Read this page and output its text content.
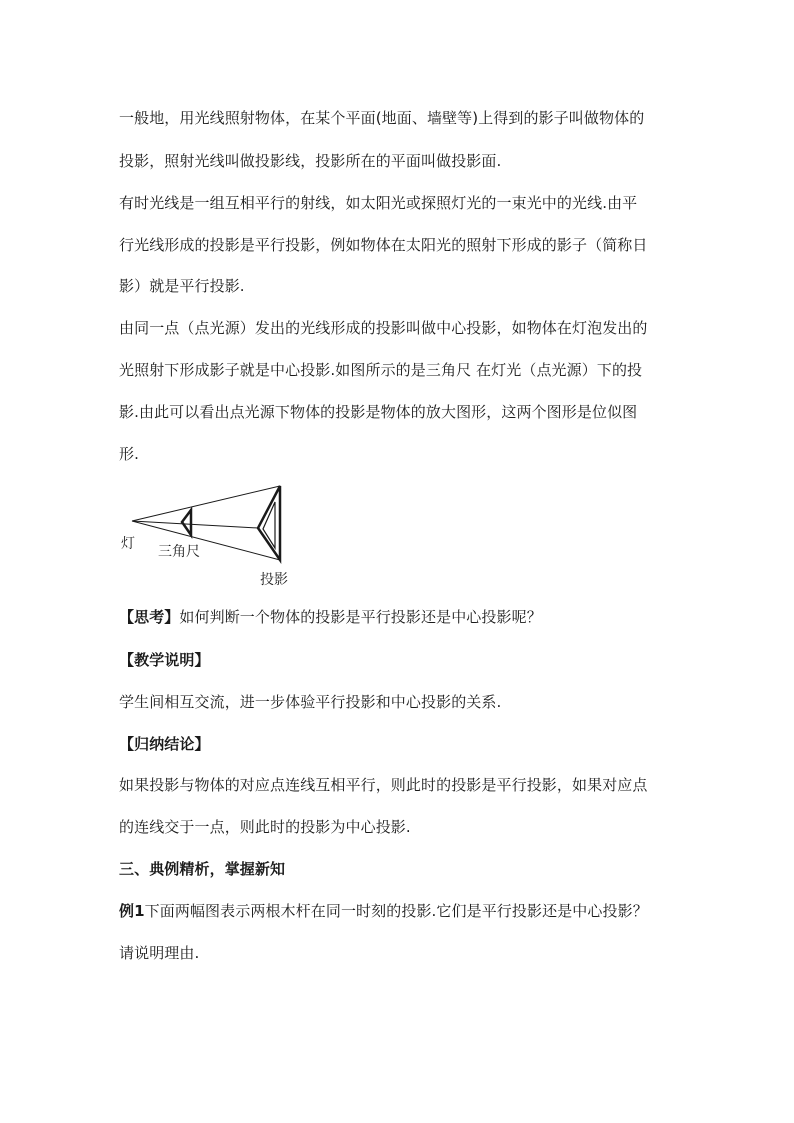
一般地，用光线照射物体，在某个平面(地面、墙壁等)上得到的影子叫做物体的

投影，照射光线叫做投影线，投影所在的平面叫做投影面.

有时光线是一组互相平行的射线，如太阳光或探照灯光的一束光中的光线.由平

行光线形成的投影是平行投影，例如物体在太阳光的照射下形成的影子（简称日

影）就是平行投影.

由同一点（点光源）发出的光线形成的投影叫做中心投影，如物体在灯泡发出的

光照射下形成影子就是中心投影.如图所示的是三角尺 在灯光（点光源）下的投

影.由此可以看出点光源下物体的投影是物体的放大图形，这两个图形是位似图

形.

灯 三角尺
投影

【思考】如何判断一个物体的投影是平行投影还是中心投影呢？

【教学说明】

学生间相互交流，进一步体验平行投影和中心投影的关系.

【归纳结论】

如果投影与物体的对应点连线互相平行，则此时的投影是平行投影，如果对应点

的连线交于一点，则此时的投影为中心投影.

三、典例精析，掌握新知

例1下面两幅图表示两根木杆在同一时刻的投影.它们是平行投影还是中心投影？

请说明理由.
